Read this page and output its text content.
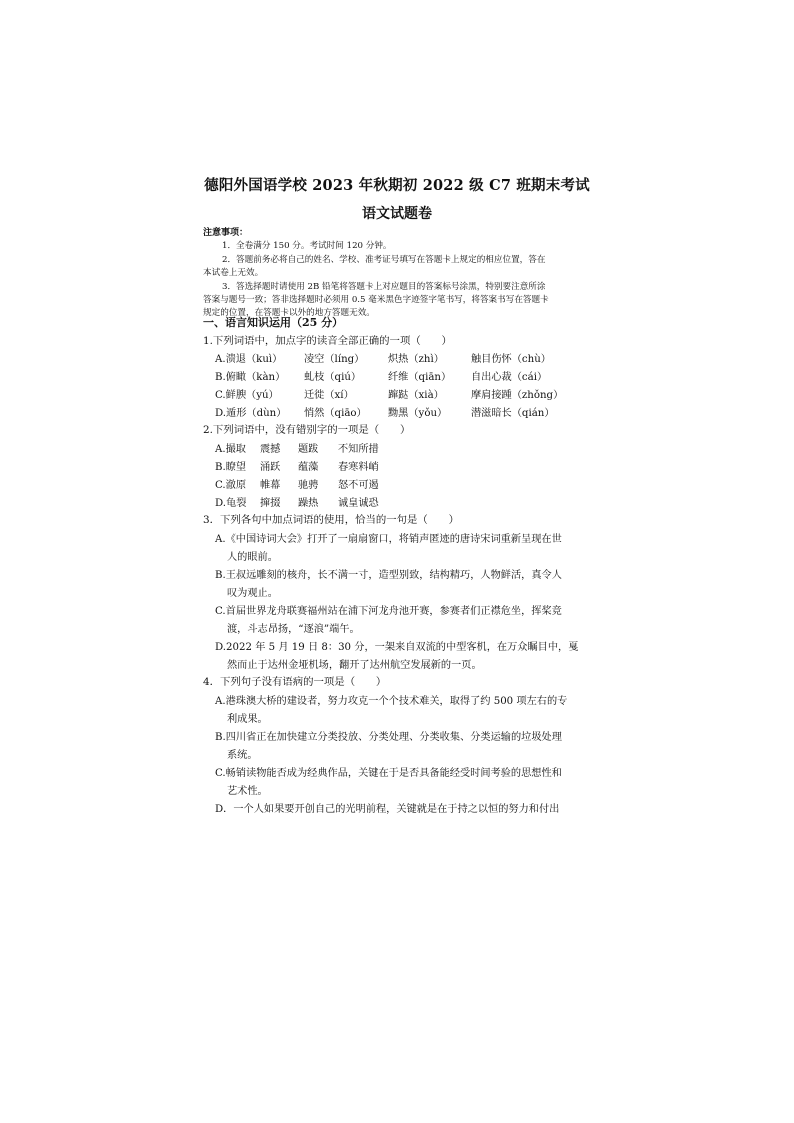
德阳外国语学校 2023 年秋期初 2022 级 C7 班期末考试
语文试题卷
注意事项：
1．全卷满分 150 分。考试时间 120 分钟。
2．答题前务必将自己的姓名、学校、准考证号填写在答题卡上规定的相应位置，答在
本试卷上无效。
3．答选择题时请使用 2B 铅笔将答题卡上对应题目的答案标号涂黑，特别要注意所涂
答案与题号一致；答非选择题时必须用 0.5 毫米黑色字迹签字笔书写，将答案书写在答题卡
规定的位置，在答题卡以外的地方答题无效。
一、语言知识运用（25 分）
1.下列词语中，加点字的读音全部正确的一项（　　）
A.溃退（kuì） 凌空（líng） 炽热（zhì）	触目伤怀（chù）
B.俯瞰（kàn） 虬枝（qiú）	纤维（qiān） 自出心裁（cái）
C.鲜腴（yú） 迁徙（xí）	蹿跶（xià）	摩肩接踵（zhǒng）
D.遁形（dùn） 悄然（qiāo） 黝黑（yǒu） 潜滋暗长（qián）
2.下列词语中，没有错别字的一项是（　　）
A.撮取 震撼 题跋 不知所措
B.瞭望 涌跃 蕴藻 春寒料峭
C.澈原 帷幕 驰骋 怒不可遏
D.龟裂 撺掇 躁热 诚皇诚恐
3．下列各句中加点词语的使用，恰当的一句是（　　）
A.《中国诗词大会》打开了一扇扇窗口，将销声匿迹的唐诗宋词重新呈现在世
人的眼前。
B.王叔远雕刻的核舟，长不满一寸，造型别致，结构精巧，人物鲜活，真令人
叹为观止。
C.首届世界龙舟联赛福州站在浦下河龙舟池开赛，参赛者们正襟危坐，挥桨竞
渡，斗志昂扬，“逐浪”端午。
D.2022 年 5 月 19 日 8：30 分，一架来自双流的中型客机，在万众瞩目中，戛
然而止于达州金垭机场，翻开了达州航空发展新的一页。
4．下列句子没有语病的一项是（　　）
A.港珠澳大桥的建设者，努力攻克一个个技术难关，取得了约 500 项左右的专
利成果。
B.四川省正在加快建立分类投放、分类处理、分类收集、分类运输的垃圾处理
系统。
C.畅销读物能否成为经典作品，关键在于是否具备能经受时间考验的思想性和
艺术性。
D．一个人如果要开创自己的光明前程，关键就是在于持之以恒的努力和付出
